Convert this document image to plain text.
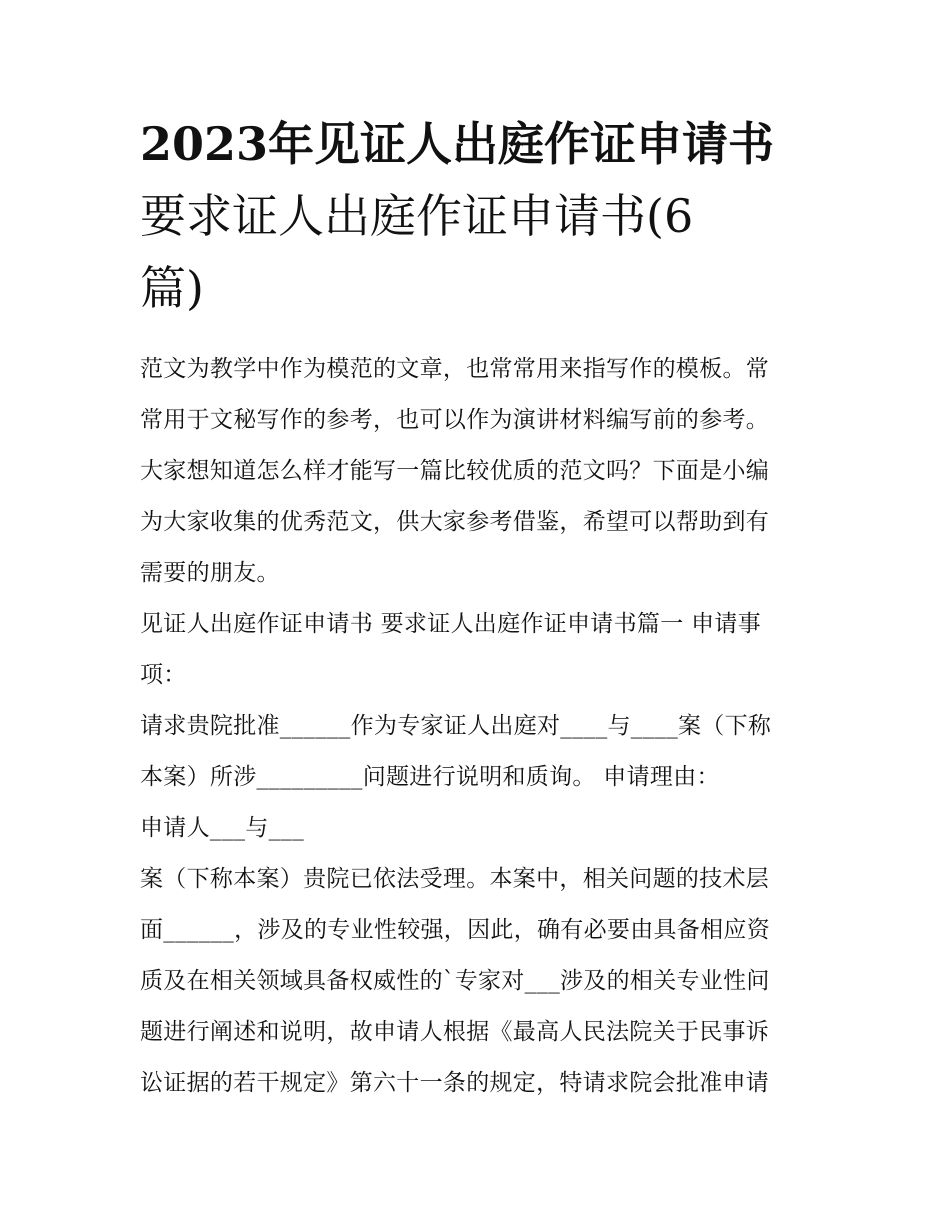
2023年见证人出庭作证申请书
要求证人出庭作证申请书(6
篇)
范文为教学中作为模范的文章，也常常用来指写作的模板。常
常用于文秘写作的参考，也可以作为演讲材料编写前的参考。
大家想知道怎么样才能写一篇比较优质的范文吗？下面是小编
为大家收集的优秀范文，供大家参考借鉴，希望可以帮助到有
需要的朋友。
见证人出庭作证申请书 要求证人出庭作证申请书篇一 申请事
项：
请求贵院批准______作为专家证人出庭对____与____案（下称
本案）所涉_________问题进行说明和质询。 申请理由：
申请人___与___
案（下称本案）贵院已依法受理。本案中，相关问题的技术层
面______，涉及的专业性较强，因此，确有必要由具备相应资
质及在相关领域具备权威性的`专家对___涉及的相关专业性问
题进行阐述和说明，故申请人根据《最高人民法院关于民事诉
讼证据的若干规定》第六十一条的规定，特请求院会批准申请
